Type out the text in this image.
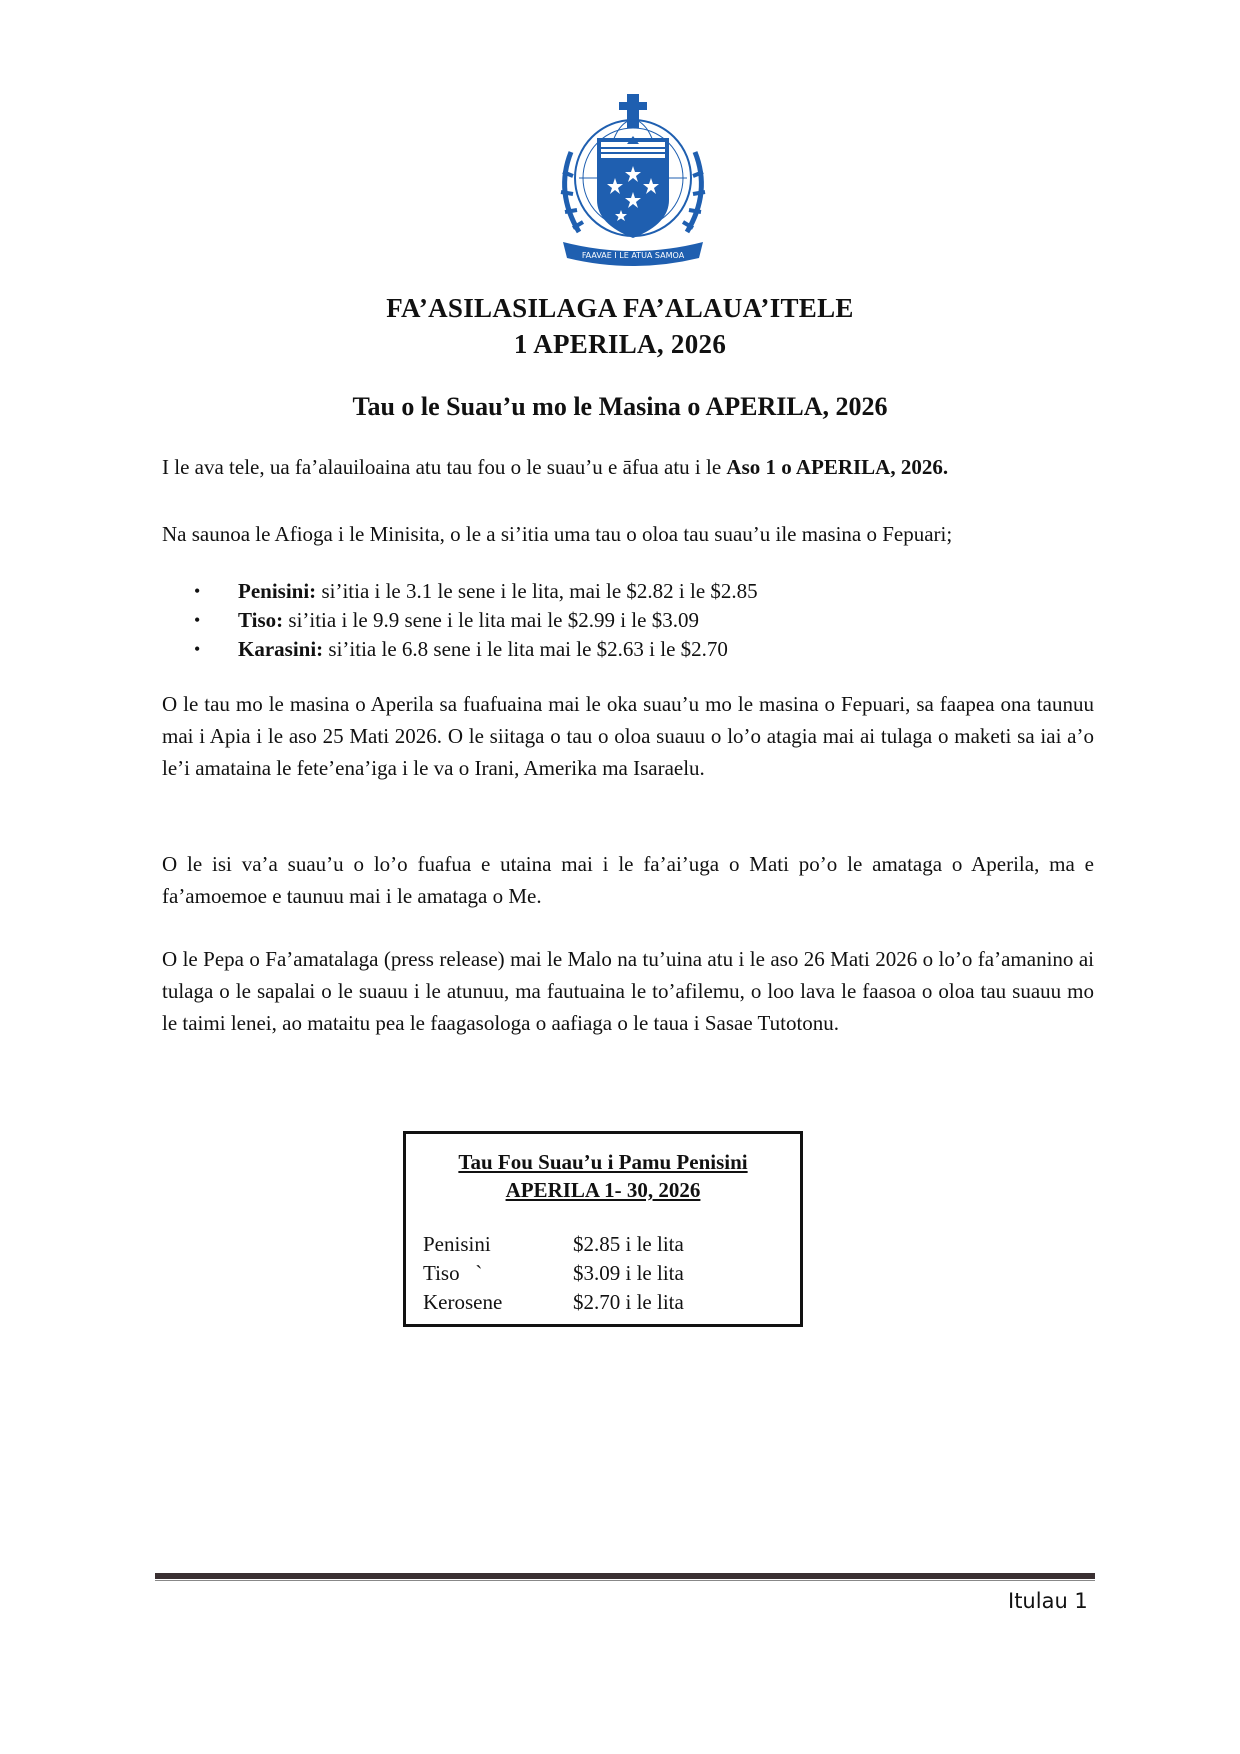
FAAVAE I LE ATUA SAMOA
FA’ASILASILAGA FA’ALAUA’ITELE
1 APERILA, 2026
Tau o le Suau’u mo le Masina o APERILA, 2026
I le ava tele, ua fa’alauiloaina atu tau fou o le suau’u e āfua atu i le Aso 1 o APERILA, 2026.
Na saunoa le Afioga i le Minisita, o le a si’itia uma tau o oloa tau suau’u ile masina o Fepuari;
• Penisini: si’itia i le 3.1 le sene i le lita, mai le $2.82 i le $2.85
• Tiso: si’itia i le 9.9 sene i le lita mai le $2.99 i le $3.09
• Karasini: si’itia le 6.8 sene i le lita mai le $2.63 i le $2.70
O le tau mo le masina o Aperila sa fuafuaina mai le oka suau’u mo le masina o Fepuari, sa faapea ona taunuu mai i Apia i le aso 25 Mati 2026. O le siitaga o tau o oloa suauu o lo’o atagia mai ai tulaga o maketi sa iai a’o le’i amataina le fete’ena’iga i le va o Irani, Amerika ma Isaraelu.
O le isi va’a suau’u o lo’o fuafua e utaina mai i le fa’ai’uga o Mati po’o le amataga o Aperila, ma e fa’amoemoe e taunuu mai i le amataga o Me.
O le Pepa o Fa’amatalaga (press release) mai le Malo na tu’uina atu i le aso 26 Mati 2026 o lo’o fa’amanino ai tulaga o le sapalai o le suauu i le atunuu, ma fautuaina le to’afilemu, o loo lava le faasoa o oloa tau suauu mo le taimi lenei, ao mataitu pea le faagasologa o aafiaga o le taua i Sasae Tutotonu.
Tau Fou Suau’u i Pamu Penisini
APERILA 1- 30, 2026
Penisini	$2.85 i le lita
Tiso   `	$3.09 i le lita
Kerosene	$2.70 i le lita
Itulau 1
